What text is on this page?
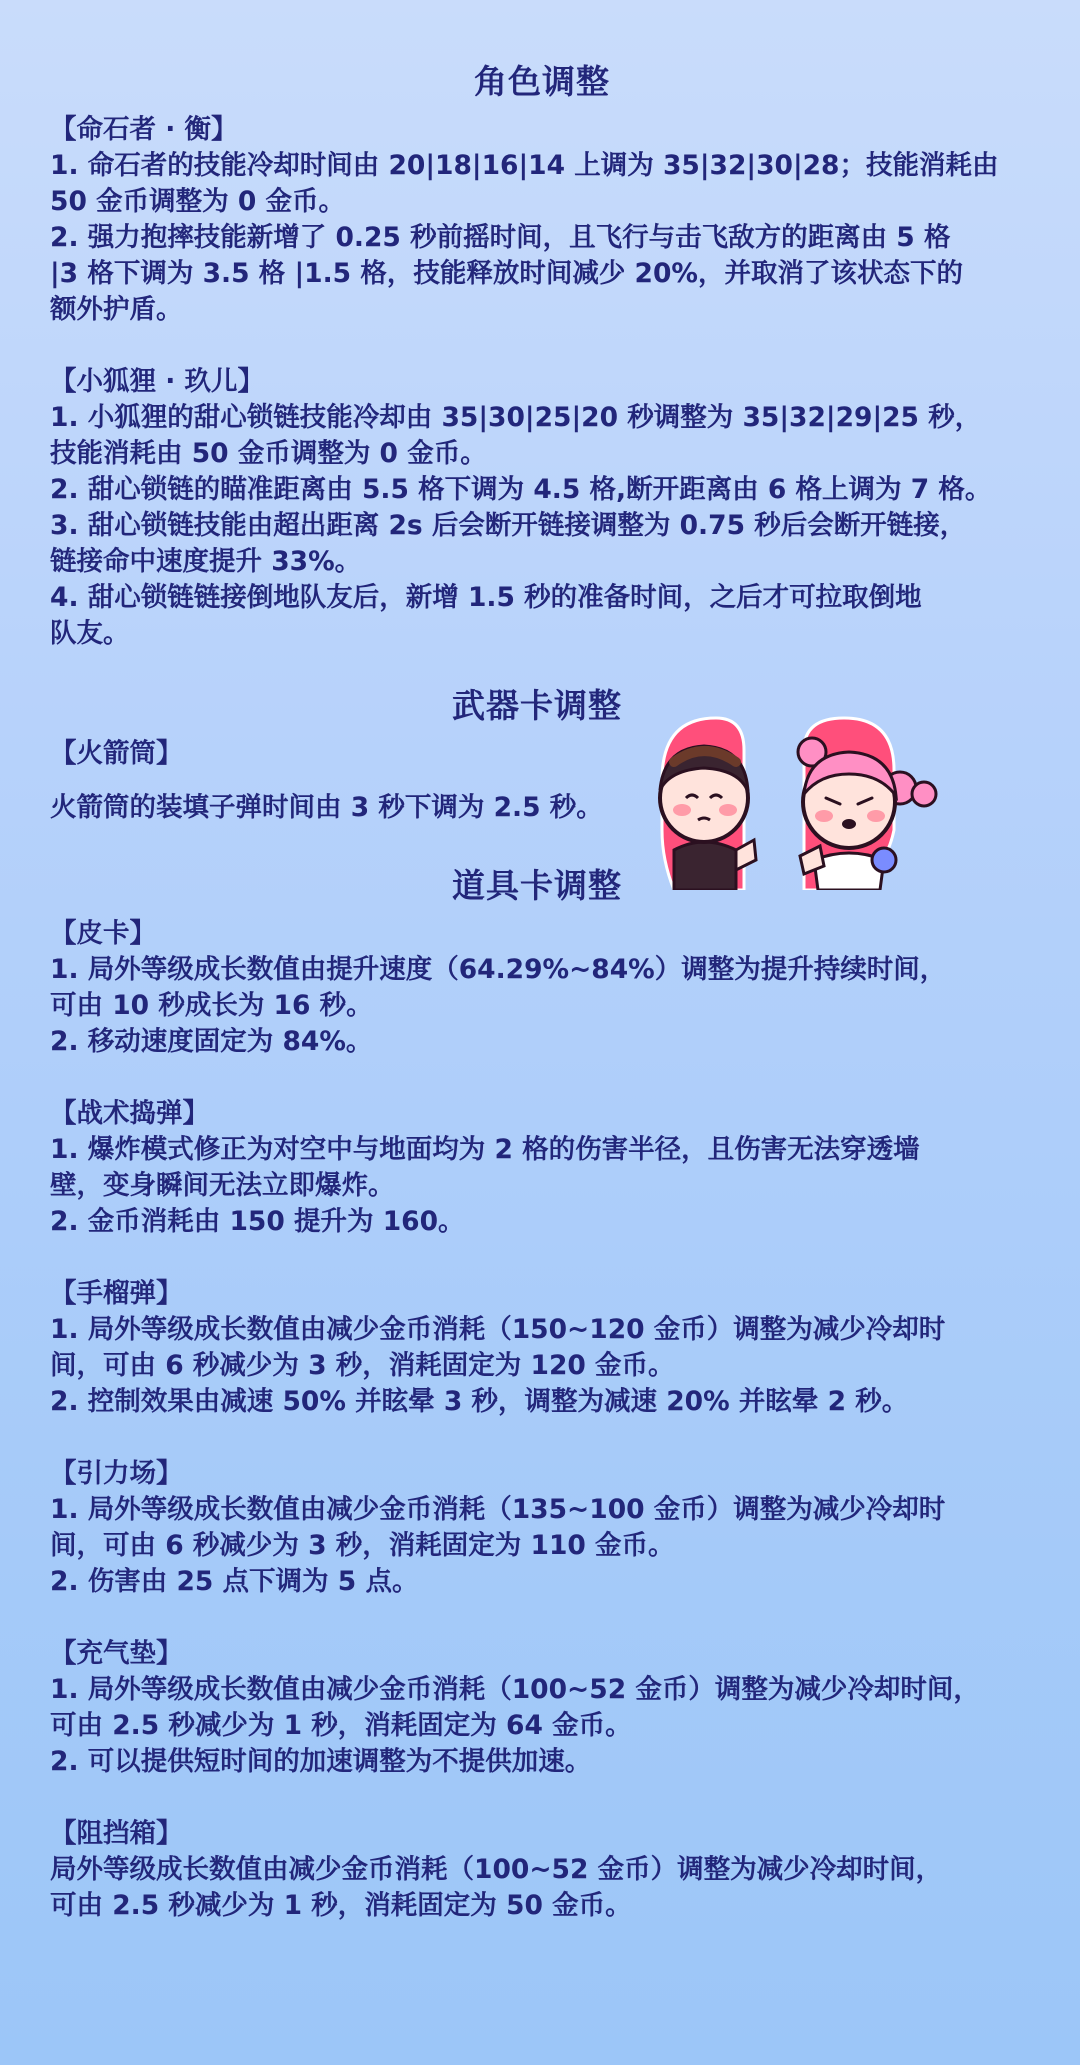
角色调整
【命石者 · 衡】
1. 命石者的技能冷却时间由 20|18|16|14 上调为 35|32|30|28；技能消耗由
50 金币调整为 0 金币。
2. 强力抱摔技能新增了 0.25 秒前摇时间，且飞行与击飞敌方的距离由 5 格
|3 格下调为 3.5 格 |1.5 格，技能释放时间减少 20%，并取消了该状态下的
额外护盾。
【小狐狸 · 玖儿】
1. 小狐狸的甜心锁链技能冷却由 35|30|25|20 秒调整为 35|32|29|25 秒，
技能消耗由 50 金币调整为 0 金币。
2. 甜心锁链的瞄准距离由 5.5 格下调为 4.5 格,断开距离由 6 格上调为 7 格。
3. 甜心锁链技能由超出距离 2s 后会断开链接调整为 0.75 秒后会断开链接，
链接命中速度提升 33%。
4. 甜心锁链链接倒地队友后，新增 1.5 秒的准备时间，之后才可拉取倒地
队友。
武器卡调整
【火箭筒】
火箭筒的装填子弹时间由 3 秒下调为 2.5 秒。
道具卡调整
【皮卡】
1. 局外等级成长数值由提升速度（64.29%~84%）调整为提升持续时间，
可由 10 秒成长为 16 秒。
2. 移动速度固定为 84%。
【战术捣弹】
1. 爆炸模式修正为对空中与地面均为 2 格的伤害半径，且伤害无法穿透墙
壁，变身瞬间无法立即爆炸。
2. 金币消耗由 150 提升为 160。
【手榴弹】
1. 局外等级成长数值由减少金币消耗（150~120 金币）调整为减少冷却时
间，可由 6 秒减少为 3 秒，消耗固定为 120 金币。
2. 控制效果由减速 50% 并眩晕 3 秒，调整为减速 20% 并眩晕 2 秒。
【引力场】
1. 局外等级成长数值由减少金币消耗（135~100 金币）调整为减少冷却时
间，可由 6 秒减少为 3 秒，消耗固定为 110 金币。
2. 伤害由 25 点下调为 5 点。
【充气垫】
1. 局外等级成长数值由减少金币消耗（100~52 金币）调整为减少冷却时间，
可由 2.5 秒减少为 1 秒，消耗固定为 64 金币。
2. 可以提供短时间的加速调整为不提供加速。
【阻挡箱】
局外等级成长数值由减少金币消耗（100~52 金币）调整为减少冷却时间，
可由 2.5 秒减少为 1 秒，消耗固定为 50 金币。
